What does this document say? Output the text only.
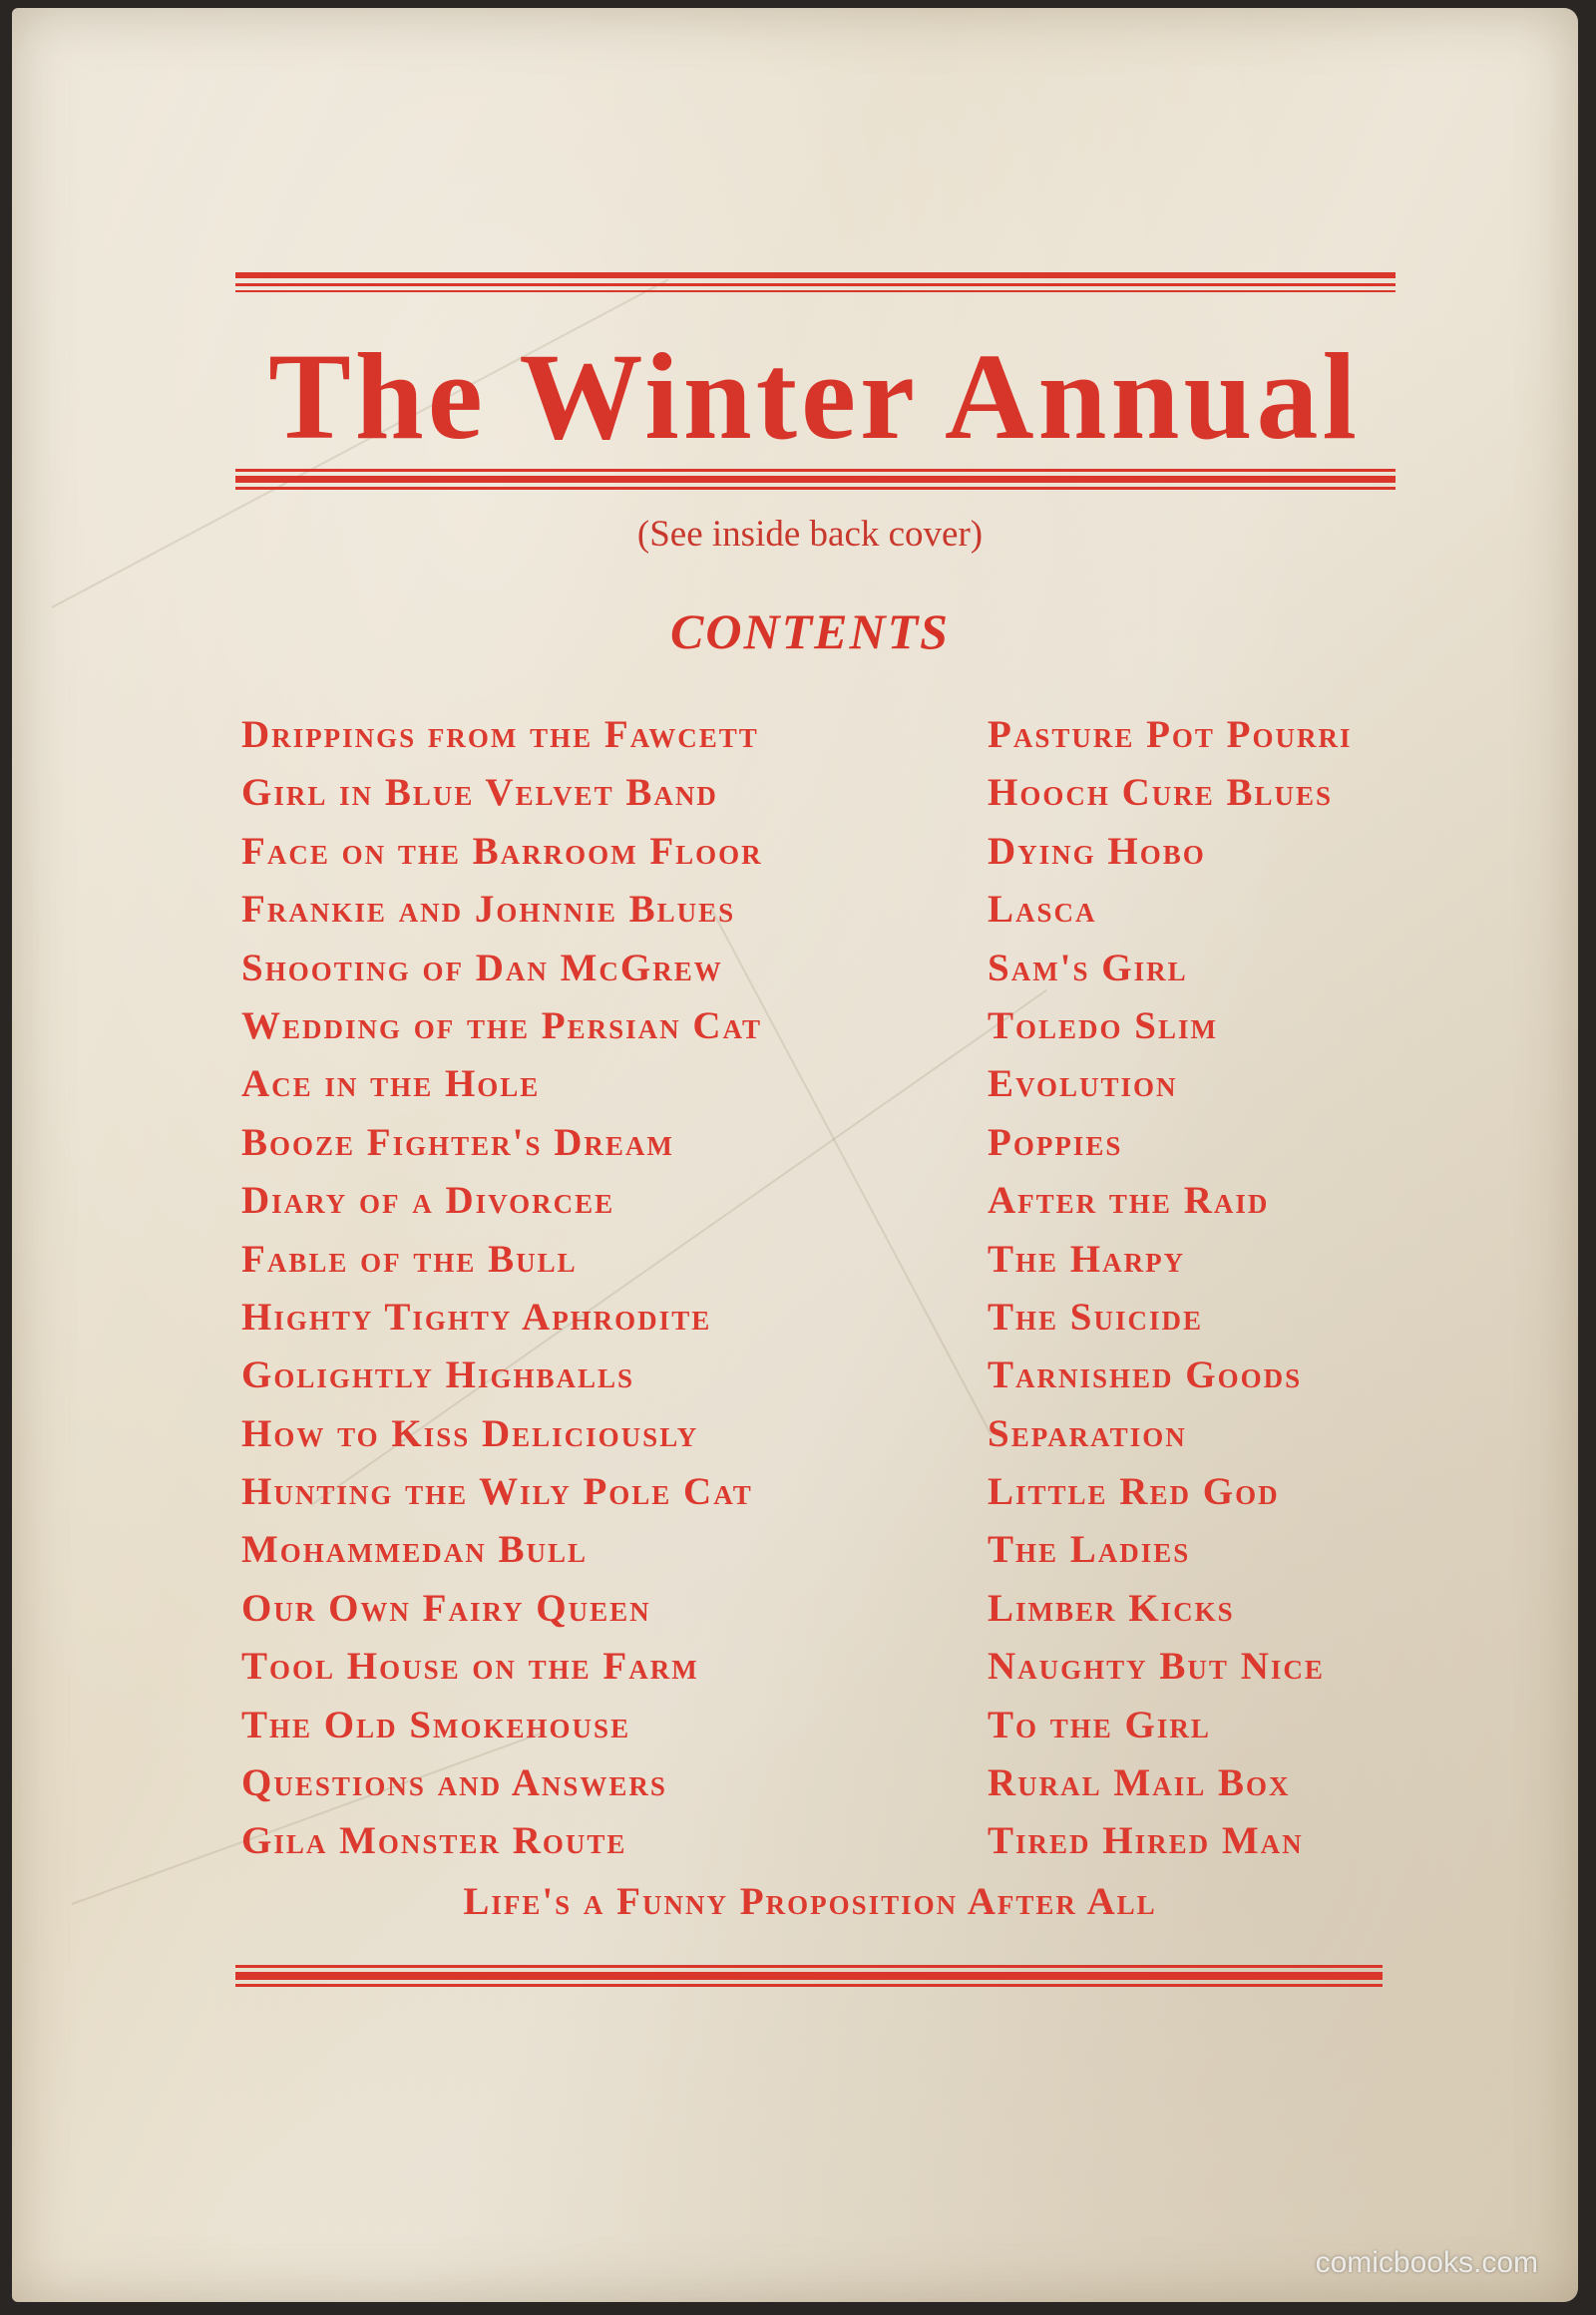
The Winter Annual
(See inside back cover)
CONTENTS
Drippings from the Fawcett
Girl in Blue Velvet Band
Face on the Barroom Floor
Frankie and Johnnie Blues
Shooting of Dan McGrew
Wedding of the Persian Cat
Ace in the Hole
Booze Fighter's Dream
Diary of a Divorcee
Fable of the Bull
Highty Tighty Aphrodite
Golightly Highballs
How to Kiss Deliciously
Hunting the Wily Pole Cat
Mohammedan Bull
Our Own Fairy Queen
Tool House on the Farm
The Old Smokehouse
Questions and Answers
Gila Monster Route
Pasture Pot Pourri
Hooch Cure Blues
Dying Hobo
Lasca
Sam's Girl
Toledo Slim
Evolution
Poppies
After the Raid
The Harpy
The Suicide
Tarnished Goods
Separation
Little Red God
The Ladies
Limber Kicks
Naughty But Nice
To the Girl
Rural Mail Box
Tired Hired Man
Life's a Funny Proposition After All
comicbooks.com
